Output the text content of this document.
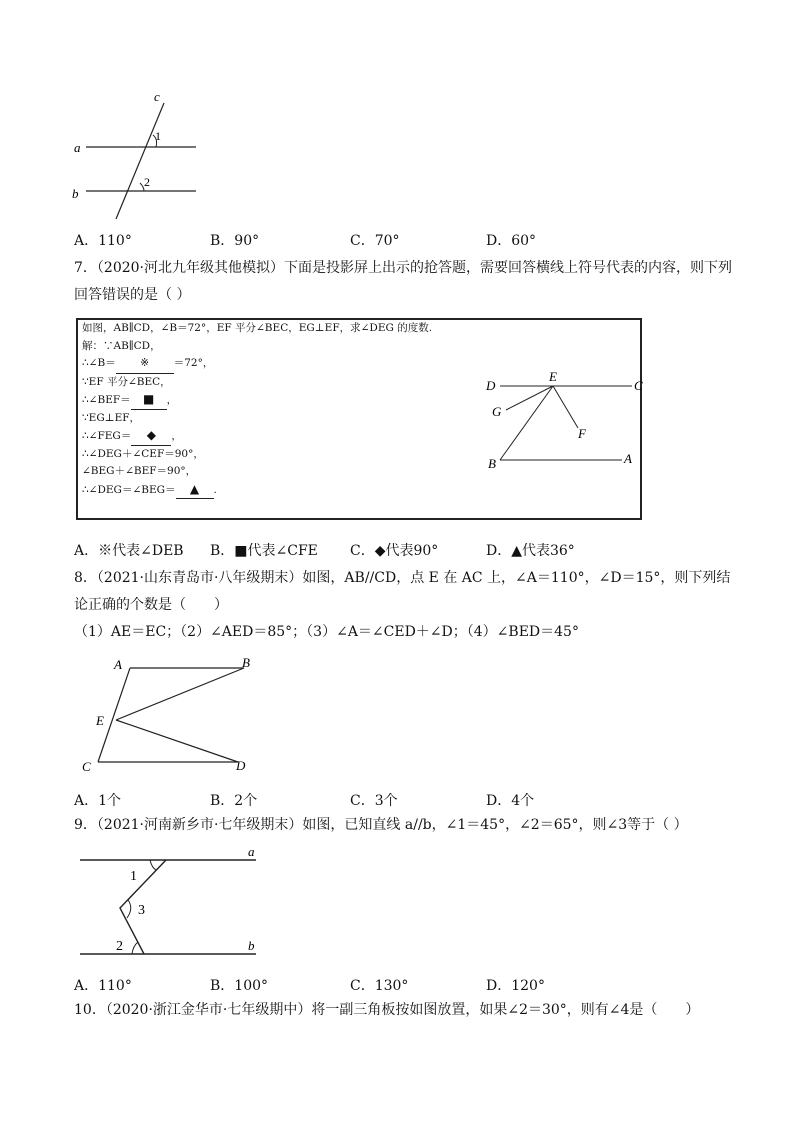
c
a
b
1
2
A．110°	B．90°	C．70°	D．60°
7．（2020·河北九年级其他模拟）下面是投影屏上出示的抢答题，需要回答横线上符号代表的内容，则下列
回答错误的是（ ）
如图，AB∥CD，∠B＝72°，EF 平分∠BEC，EG⊥EF，求∠DEG 的度数.
解：∵AB∥CD，
∴∠B＝ ※ ＝72°，
∵EF 平分∠BEC，
∴∠BEF＝ ■ ，
∵EG⊥EF，
∴∠FEG＝ ◆ ，
∴∠DEG＋∠CEF＝90°，
∠BEG＋∠BEF＝90°，
∴∠DEG＝∠BEG＝ ▲ .
D
E
C
G
F
B	A
A．※代表∠DEB B．■代表∠CFE C．◆代表90°	D．▲代表36°
8．（2021·山东青岛市·八年级期末）如图，AB//CD，点 E 在 AC 上，∠A＝110°，∠D＝15°，则下列结
论正确的个数是（　　）
（1）AE＝EC；（2）∠AED＝85°；（3）∠A＝∠CED＋∠D；（4）∠BED＝45°
A	B
E
C	D
A．1个	B．2个	C．3个	D．4个
9．（2021·河南新乡市·七年级期末）如图，已知直线 a//b，∠1＝45°，∠2＝65°，则∠3等于（ ）
a
b
1
3
2
A．110°	B．100°	C．130°	D．120°
10．（2020·浙江金华市·七年级期中）将一副三角板按如图放置，如果∠2＝30°，则有∠4是（　　）
